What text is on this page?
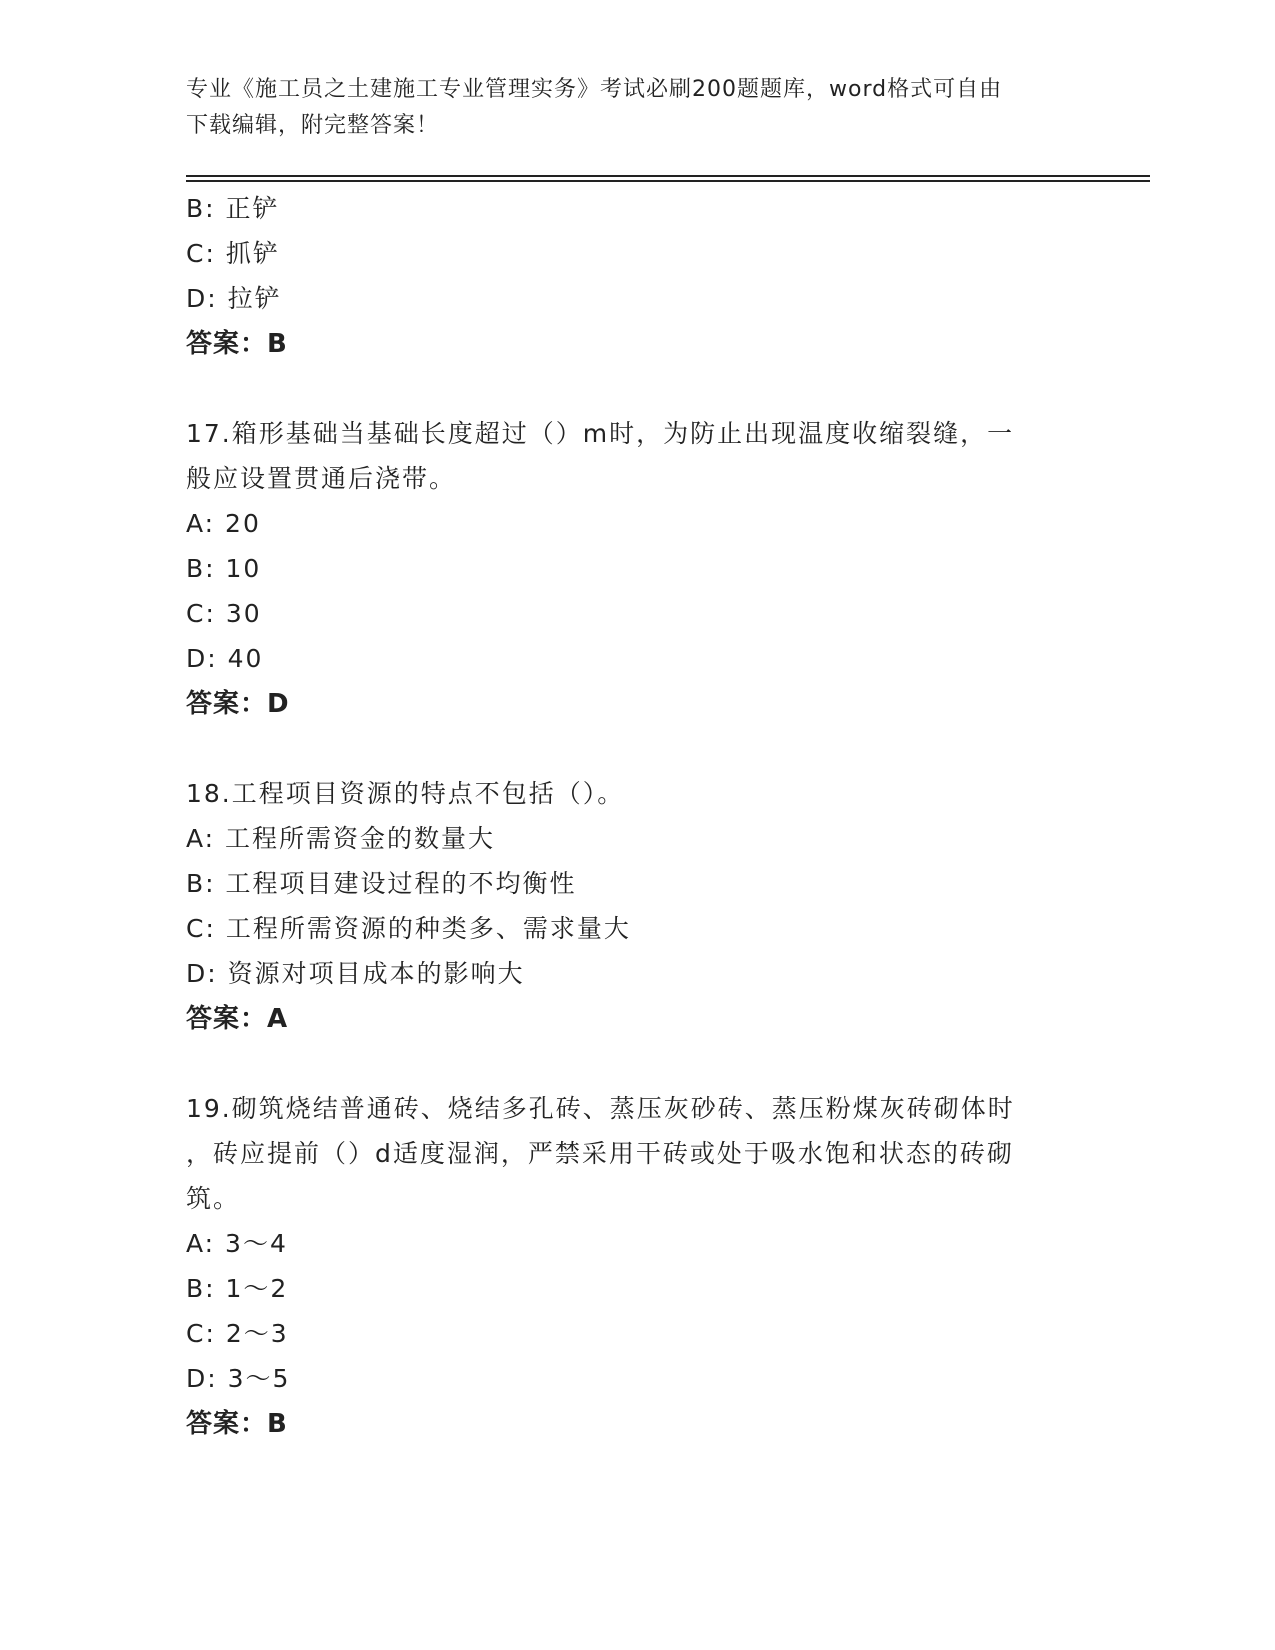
专业《施工员之土建施工专业管理实务》考试必刷200题题库，word格式可自由
下载编辑，附完整答案！
B: 正铲
C: 抓铲
D: 拉铲
答案：B
17.箱形基础当基础长度超过（）m时，为防止出现温度收缩裂缝，一
般应设置贯通后浇带。
A: 20
B: 10
C: 30
D: 40
答案：D
18.工程项目资源的特点不包括（）。
A: 工程所需资金的数量大
B: 工程项目建设过程的不均衡性
C: 工程所需资源的种类多、需求量大
D: 资源对项目成本的影响大
答案：A
19.砌筑烧结普通砖、烧结多孔砖、蒸压灰砂砖、蒸压粉煤灰砖砌体时
，砖应提前（）d适度湿润，严禁采用干砖或处于吸水饱和状态的砖砌
筑。
A: 3～4
B: 1～2
C: 2～3
D: 3～5
答案：B
